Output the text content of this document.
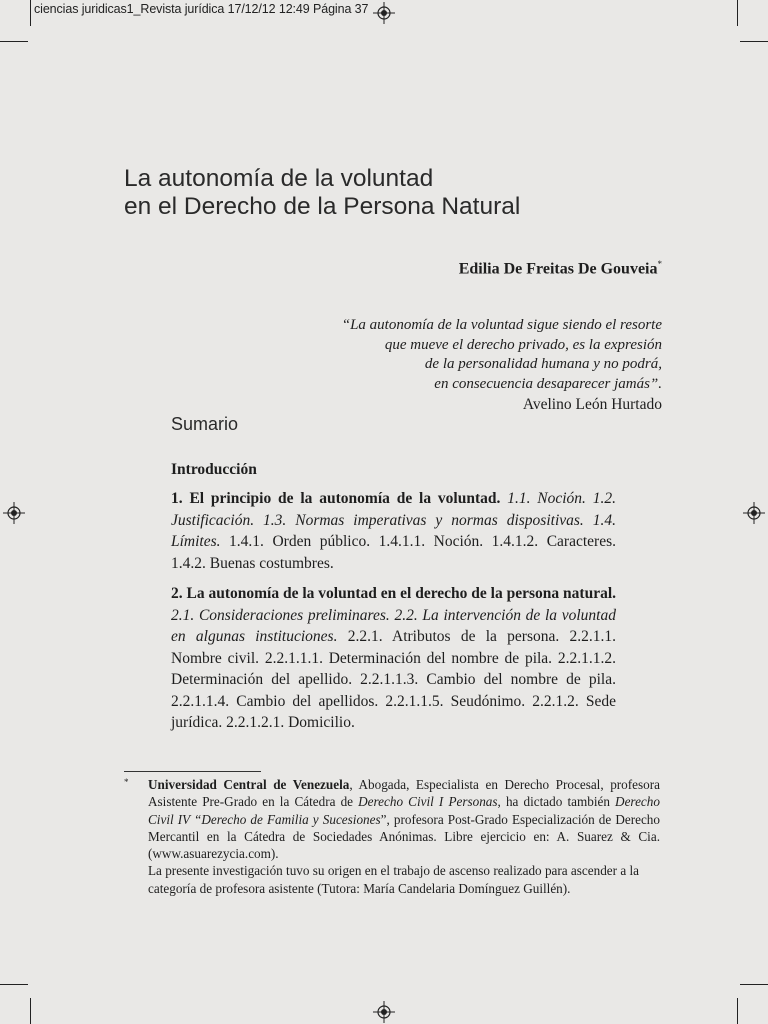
ciencias juridicas1_Revista jurídica 17/12/12 12:49 Página 37
La autonomía de la voluntad
en el Derecho de la Persona Natural
Edilia De Freitas De Gouveia*
“La autonomía de la voluntad sigue siendo el resorte
que mueve el derecho privado, es la expresión
de la personalidad humana y no podrá,
en consecuencia desaparecer jamás”.
Avelino León Hurtado
Sumario
Introducción
1. El principio de la autonomía de la voluntad. 1.1. Noción. 1.2. Justificación. 1.3. Normas imperativas y normas dispositivas. 1.4. Límites. 1.4.1. Orden público. 1.4.1.1. Noción. 1.4.1.2. Caracteres. 1.4.2. Buenas costumbres.
2. La autonomía de la voluntad en el derecho de la persona natural. 2.1. Consideraciones preliminares. 2.2. La intervención de la voluntad en algunas instituciones. 2.2.1. Atributos de la persona. 2.2.1.1. Nombre civil. 2.2.1.1.1. Determinación del nombre de pila. 2.2.1.1.2. Determinación del apellido. 2.2.1.1.3. Cambio del nombre de pila. 2.2.1.1.4. Cambio del apellidos. 2.2.1.1.5. Seudónimo. 2.2.1.2. Sede jurídica. 2.2.1.2.1. Domicilio.
* Universidad Central de Venezuela, Abogada, Especialista en Derecho Procesal, profesora Asistente Pre-Grado en la Cátedra de Derecho Civil I Personas, ha dictado también Derecho Civil IV “Derecho de Familia y Sucesiones”, profesora Post-Grado Especialización de Derecho Mercantil en la Cátedra de Sociedades Anónimas. Libre ejercicio en: A. Suarez & Cia. (www.asuarezycia.com).

La presente investigación tuvo su origen en el trabajo de ascenso realizado para ascender a la categoría de profesora asistente (Tutora: María Candelaria Domínguez Guillén).
